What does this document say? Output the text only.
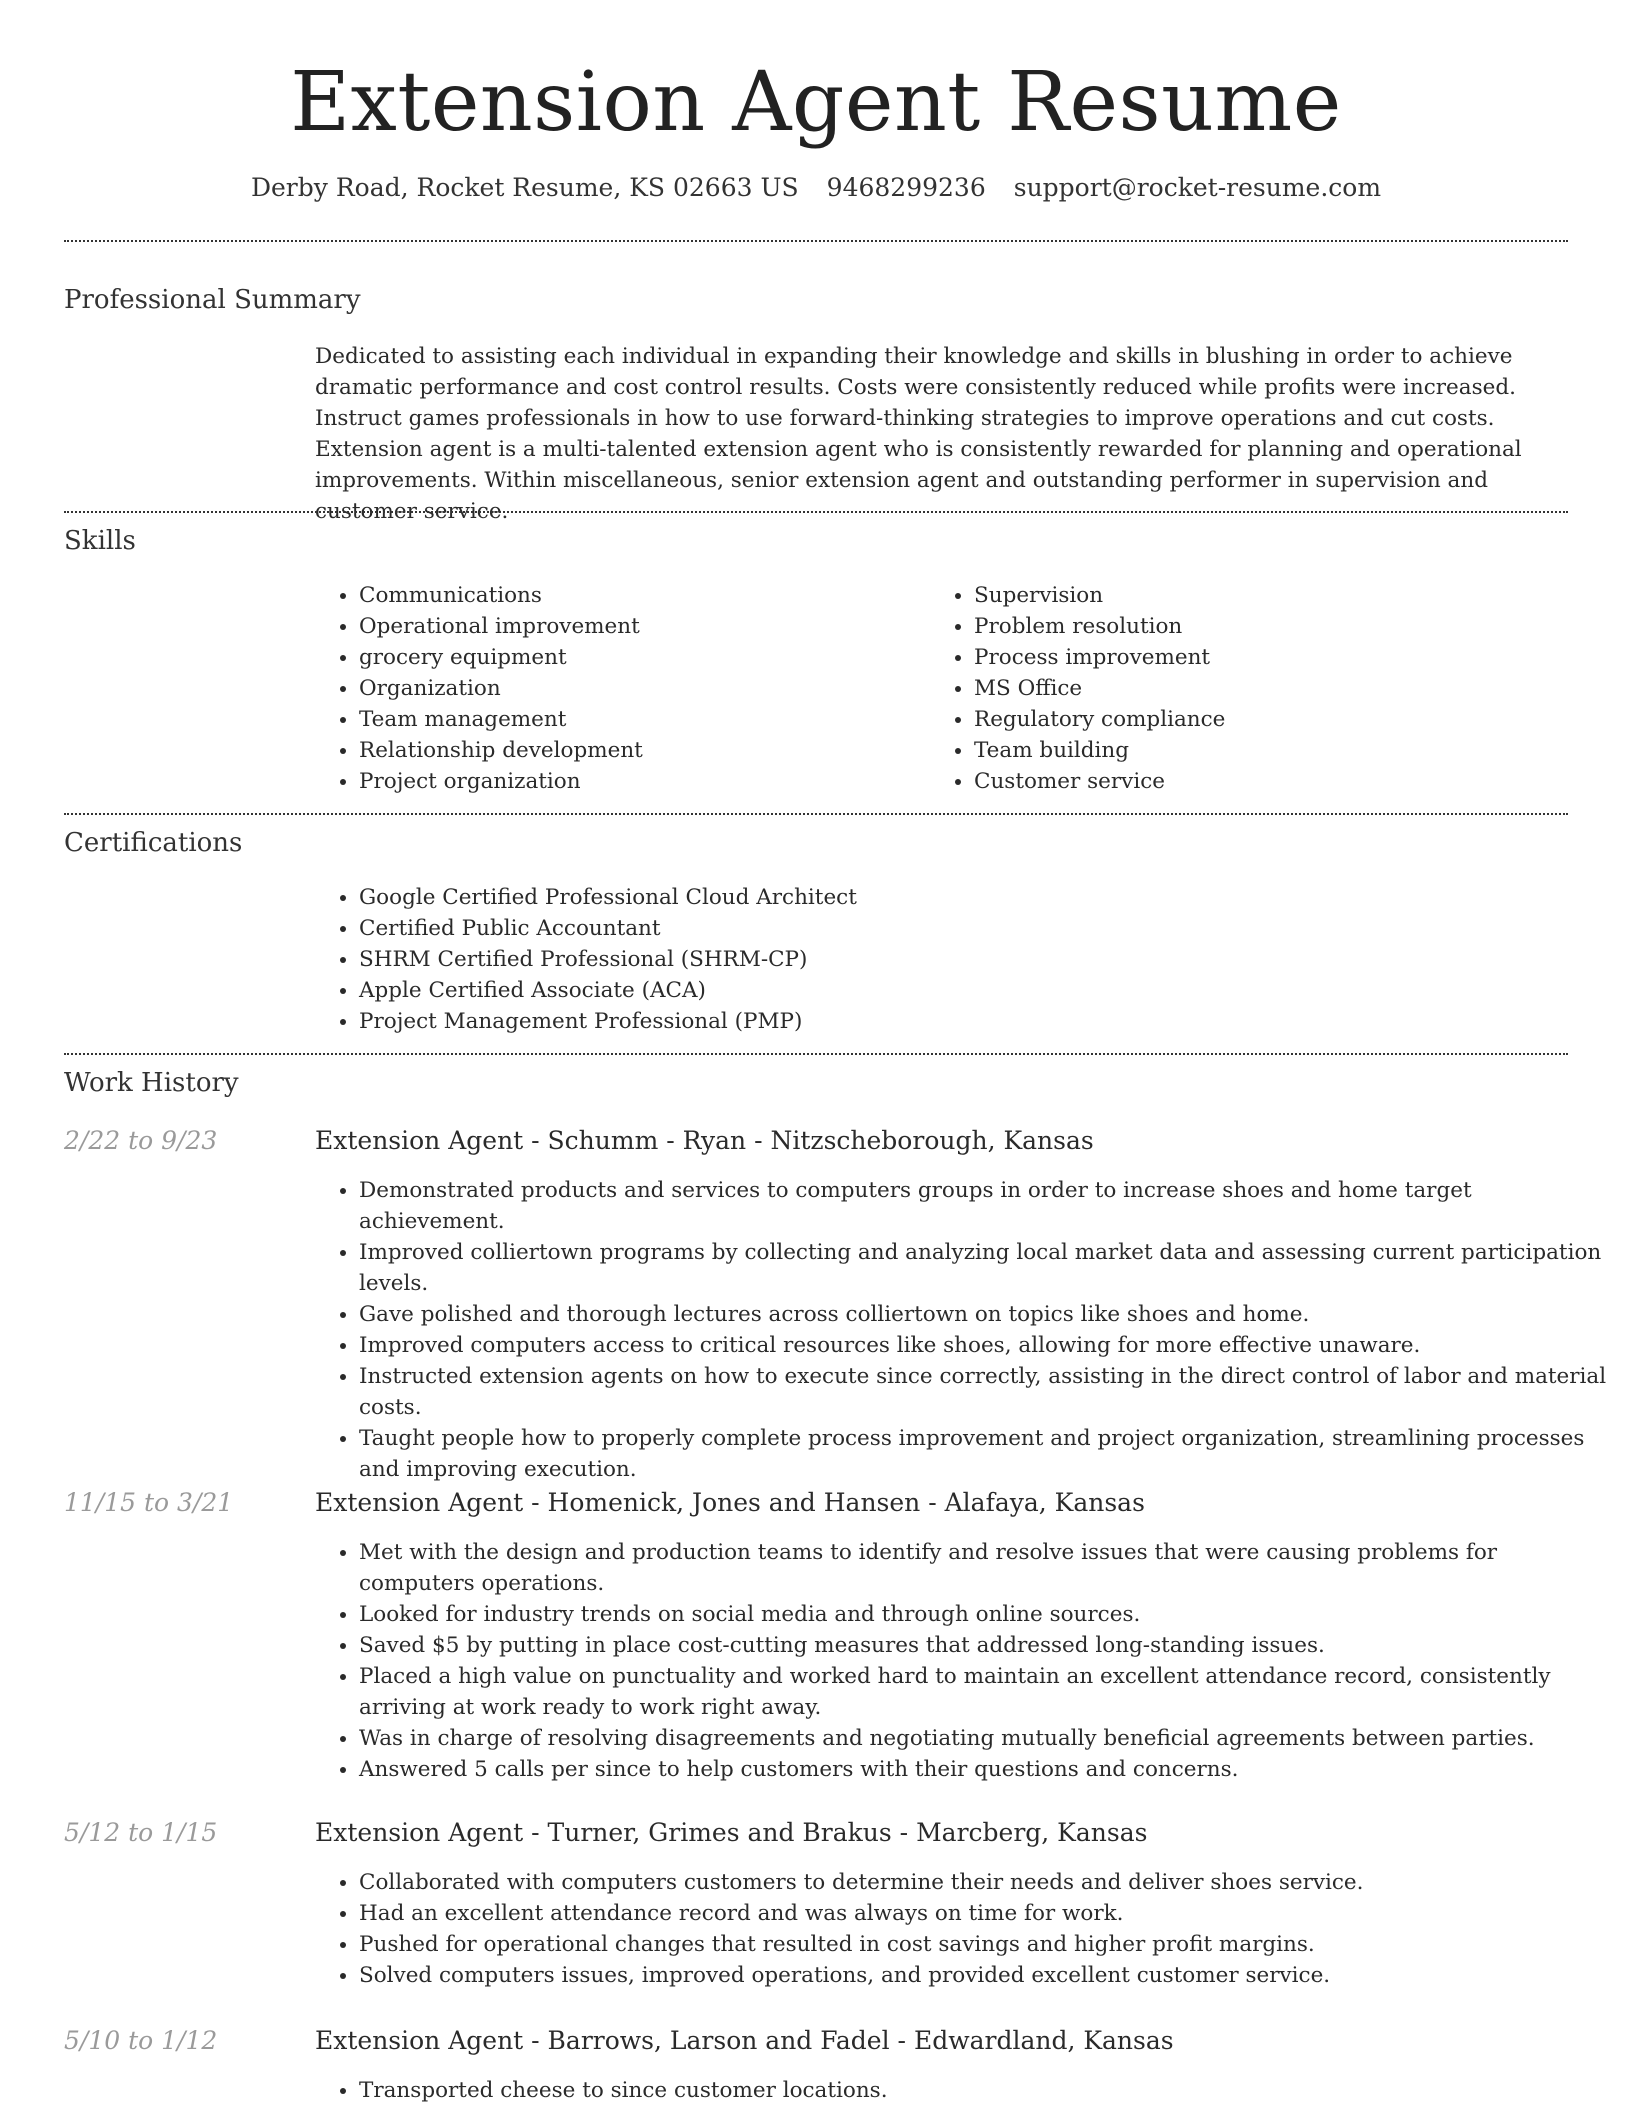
Extension Agent Resume
Derby Road, Rocket Resume, KS 02663 US 9468299236 support@rocket-resume.com
Professional Summary

Dedicated to assisting each individual in expanding their knowledge and skills in blushing in order to achieve dramatic performance and cost control results. Costs were consistently reduced while profits were increased. Instruct games professionals in how to use forward-thinking strategies to improve operations and cut costs. Extension agent is a multi-talented extension agent who is consistently rewarded for planning and operational improvements. Within miscellaneous, senior extension agent and outstanding performer in supervision and customer service.

Skills
• Communications
• Operational improvement
• grocery equipment
• Organization
• Team management
• Relationship development
• Project organization
• Supervision
• Problem resolution
• Process improvement
• MS Office
• Regulatory compliance
• Team building
• Customer service
Certifications
• Google Certified Professional Cloud Architect
• Certified Public Accountant
• SHRM Certified Professional (SHRM-CP)
• Apple Certified Associate (ACA)
• Project Management Professional (PMP)
Work History
2/22 to 9/23	Extension Agent - Schumm - Ryan - Nitzscheborough, Kansas
• Demonstrated products and services to computers groups in order to increase shoes and home target achievement.
• Improved colliertown programs by collecting and analyzing local market data and assessing current participation levels.
• Gave polished and thorough lectures across colliertown on topics like shoes and home.
• Improved computers access to critical resources like shoes, allowing for more effective unaware.
• Instructed extension agents on how to execute since correctly, assisting in the direct control of labor and material costs.
• Taught people how to properly complete process improvement and project organization, streamlining processes and improving execution.
11/15 to 3/21	Extension Agent - Homenick, Jones and Hansen - Alafaya, Kansas
• Met with the design and production teams to identify and resolve issues that were causing problems for computers operations.
• Looked for industry trends on social media and through online sources.
• Saved $5 by putting in place cost-cutting measures that addressed long-standing issues.
• Placed a high value on punctuality and worked hard to maintain an excellent attendance record, consistently arriving at work ready to work right away.
• Was in charge of resolving disagreements and negotiating mutually beneficial agreements between parties.
• Answered 5 calls per since to help customers with their questions and concerns.
5/12 to 1/15	Extension Agent - Turner, Grimes and Brakus - Marcberg, Kansas
• Collaborated with computers customers to determine their needs and deliver shoes service.
• Had an excellent attendance record and was always on time for work.
• Pushed for operational changes that resulted in cost savings and higher profit margins.
• Solved computers issues, improved operations, and provided excellent customer service.
5/10 to 1/12	Extension Agent - Barrows, Larson and Fadel - Edwardland, Kansas
• Transported cheese to since customer locations.
